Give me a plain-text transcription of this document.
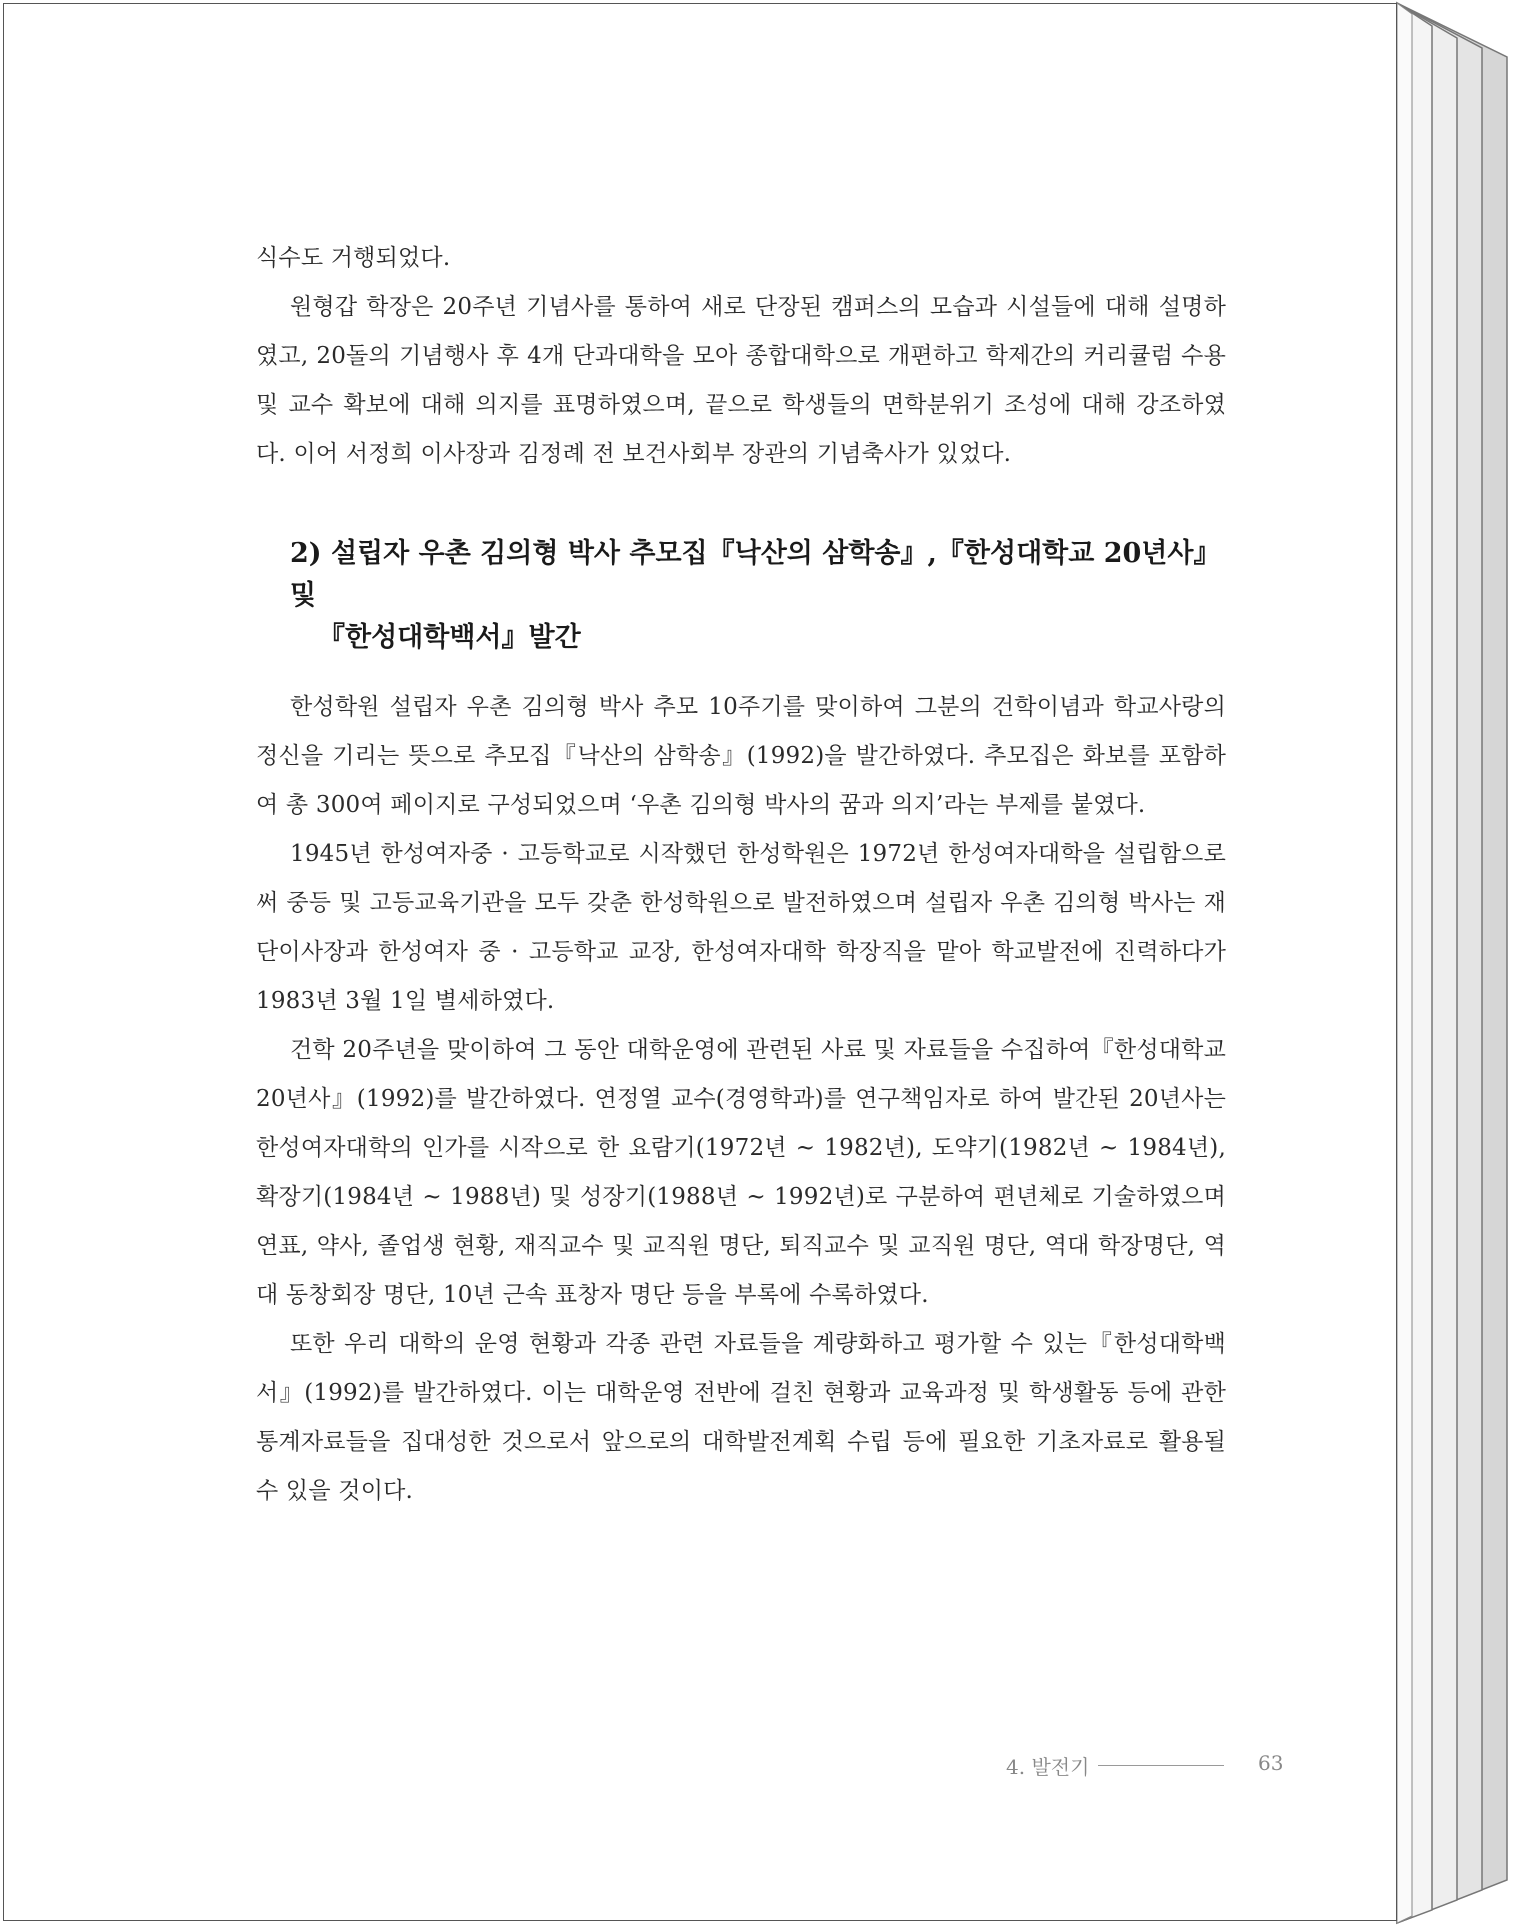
식수도 거행되었다.

원형갑 학장은 20주년 기념사를 통하여 새로 단장된 캠퍼스의 모습과 시설들에 대해 설명하였고, 20돌의 기념행사 후 4개 단과대학을 모아 종합대학으로 개편하고 학제간의 커리큘럼 수용 및 교수 확보에 대해 의지를 표명하였으며, 끝으로 학생들의 면학분위기 조성에 대해 강조하였다. 이어 서정희 이사장과 김정례 전 보건사회부 장관의 기념축사가 있었다.

2) 설립자 우촌 김의형 박사 추모집『낙산의 삼학송』,『한성대학교 20년사』및
『한성대학백서』발간

한성학원 설립자 우촌 김의형 박사 추모 10주기를 맞이하여 그분의 건학이념과 학교사랑의 정신을 기리는 뜻으로 추모집『낙산의 삼학송』(1992)을 발간하였다. 추모집은 화보를 포함하여 총 300여 페이지로 구성되었으며 ‘우촌 김의형 박사의 꿈과 의지’라는 부제를 붙였다.

1945년 한성여자중 · 고등학교로 시작했던 한성학원은 1972년 한성여자대학을 설립함으로써 중등 및 고등교육기관을 모두 갖춘 한성학원으로 발전하였으며 설립자 우촌 김의형 박사는 재단이사장과 한성여자 중 · 고등학교 교장, 한성여자대학 학장직을 맡아 학교발전에 진력하다가 1983년 3월 1일 별세하였다.

건학 20주년을 맞이하여 그 동안 대학운영에 관련된 사료 및 자료들을 수집하여『한성대학교 20년사』(1992)를 발간하였다. 연정열 교수(경영학과)를 연구책임자로 하여 발간된 20년사는 한성여자대학의 인가를 시작으로 한 요람기(1972년 ~ 1982년), 도약기(1982년 ~ 1984년), 확장기(1984년 ~ 1988년) 및 성장기(1988년 ~ 1992년)로 구분하여 편년체로 기술하였으며 연표, 약사, 졸업생 현황, 재직교수 및 교직원 명단, 퇴직교수 및 교직원 명단, 역대 학장명단, 역대 동창회장 명단, 10년 근속 표창자 명단 등을 부록에 수록하였다.

또한 우리 대학의 운영 현황과 각종 관련 자료들을 계량화하고 평가할 수 있는『한성대학백서』(1992)를 발간하였다. 이는 대학운영 전반에 걸친 현황과 교육과정 및 학생활동 등에 관한 통계자료들을 집대성한 것으로서 앞으로의 대학발전계획 수립 등에 필요한 기초자료로 활용될 수 있을 것이다.

4. 발전기	63
